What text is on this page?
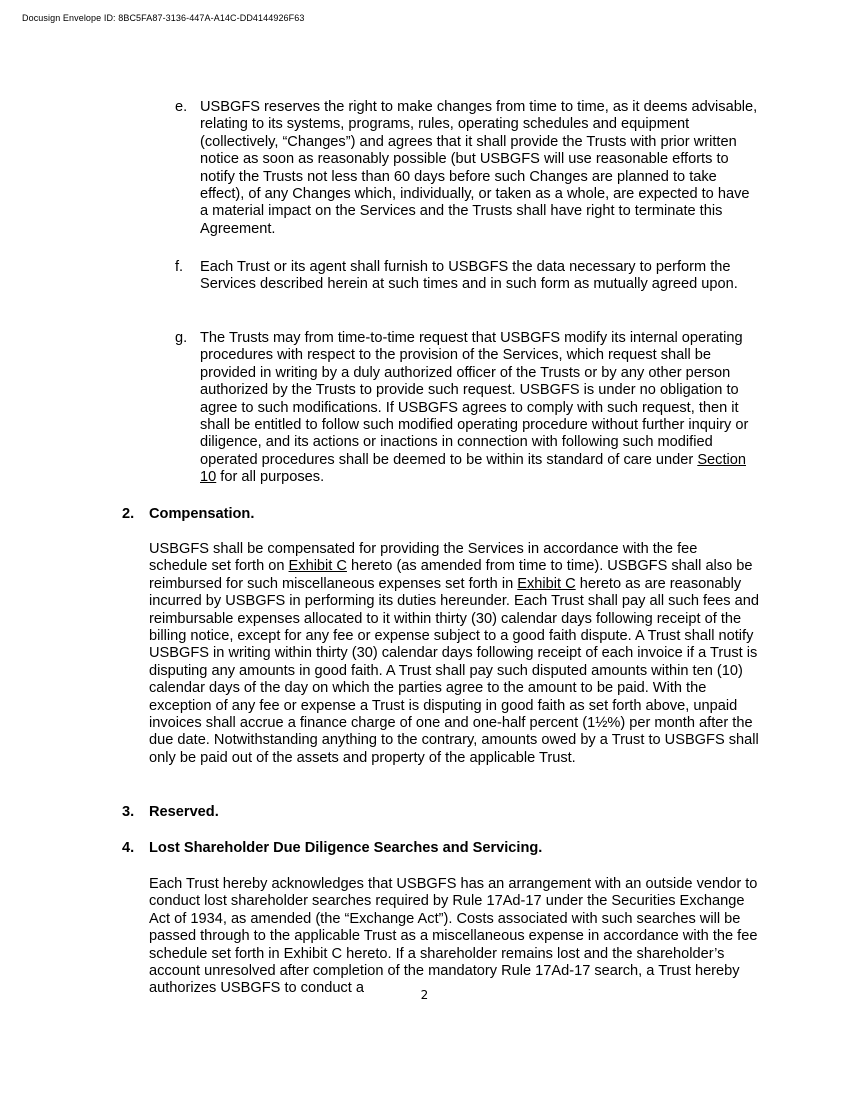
Docusign Envelope ID: 8BC5FA87-3136-447A-A14C-DD4144926F63
e. USBGFS reserves the right to make changes from time to time, as it deems advisable, relating to its systems, programs, rules, operating schedules and equipment (collectively, “Changes”) and agrees that it shall provide the Trusts with prior written notice as soon as reasonably possible (but USBGFS will use reasonable efforts to notify the Trusts not less than 60 days before such Changes are planned to take effect), of any Changes which, individually, or taken as a whole, are expected to have a material impact on the Services and the Trusts shall have right to terminate this Agreement.
f. Each Trust or its agent shall furnish to USBGFS the data necessary to perform the Services described herein at such times and in such form as mutually agreed upon.
g. The Trusts may from time-to-time request that USBGFS modify its internal operating procedures with respect to the provision of the Services, which request shall be provided in writing by a duly authorized officer of the Trusts or by any other person authorized by the Trusts to provide such request. USBGFS is under no obligation to agree to such modifications. If USBGFS agrees to comply with such request, then it shall be entitled to follow such modified operating procedure without further inquiry or diligence, and its actions or inactions in connection with following such modified operated procedures shall be deemed to be within its standard of care under Section 10 for all purposes.
2. Compensation.
USBGFS shall be compensated for providing the Services in accordance with the fee schedule set forth on Exhibit C hereto (as amended from time to time). USBGFS shall also be reimbursed for such miscellaneous expenses set forth in Exhibit C hereto as are reasonably incurred by USBGFS in performing its duties hereunder. Each Trust shall pay all such fees and reimbursable expenses allocated to it within thirty (30) calendar days following receipt of the billing notice, except for any fee or expense subject to a good faith dispute. A Trust shall notify USBGFS in writing within thirty (30) calendar days following receipt of each invoice if a Trust is disputing any amounts in good faith. A Trust shall pay such disputed amounts within ten (10) calendar days of the day on which the parties agree to the amount to be paid. With the exception of any fee or expense a Trust is disputing in good faith as set forth above, unpaid invoices shall accrue a finance charge of one and one-half percent (1½%) per month after the due date. Notwithstanding anything to the contrary, amounts owed by a Trust to USBGFS shall only be paid out of the assets and property of the applicable Trust.
3. Reserved.
4. Lost Shareholder Due Diligence Searches and Servicing.
Each Trust hereby acknowledges that USBGFS has an arrangement with an outside vendor to conduct lost shareholder searches required by Rule 17Ad-17 under the Securities Exchange Act of 1934, as amended (the “Exchange Act”). Costs associated with such searches will be passed through to the applicable Trust as a miscellaneous expense in accordance with the fee schedule set forth in Exhibit C hereto. If a shareholder remains lost and the shareholder’s account unresolved after completion of the mandatory Rule 17Ad-17 search, a Trust hereby authorizes USBGFS to conduct a	2
